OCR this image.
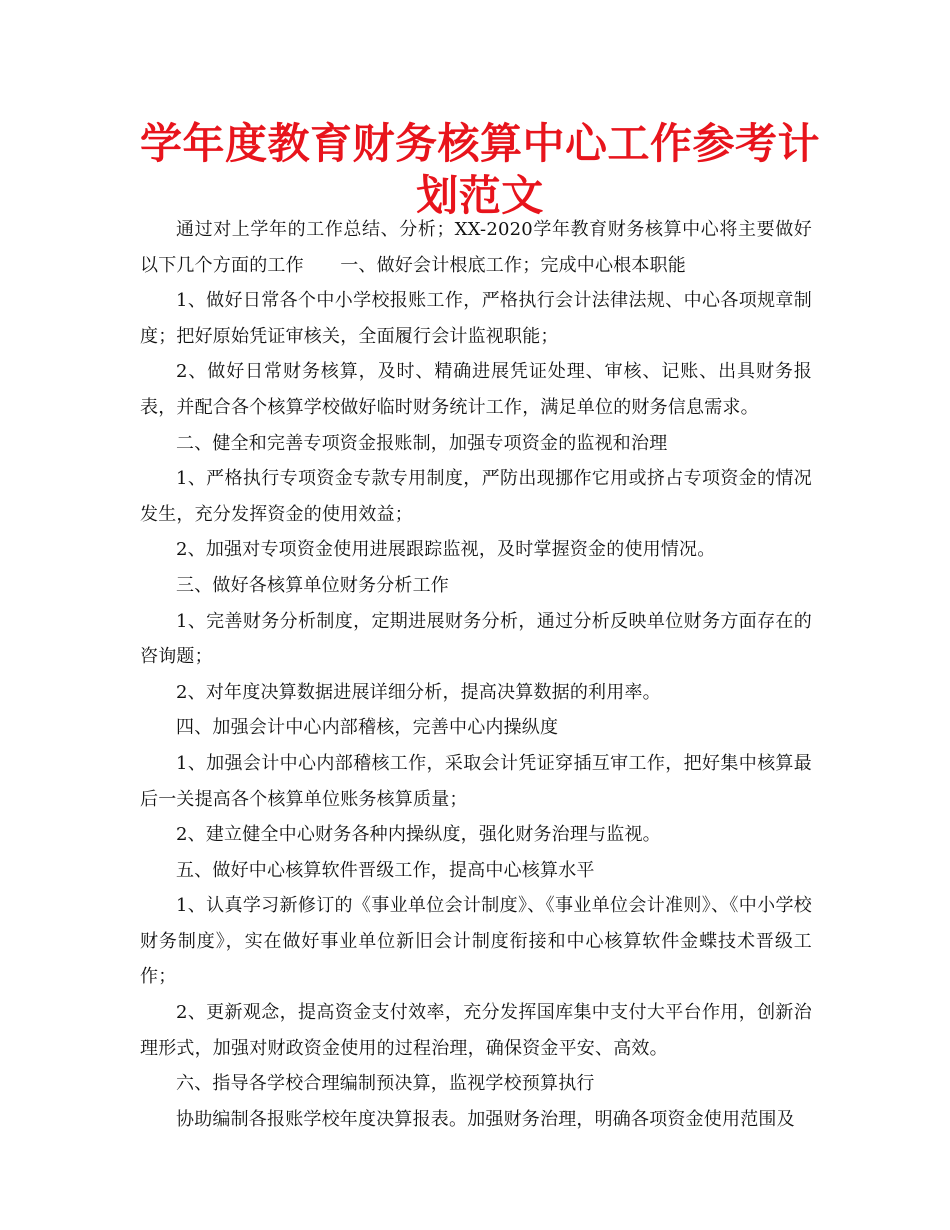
学年度教育财务核算中心工作参考计划范文

通过对上学年的工作总结、分析；XX-2020学年教育财务核算中心将主要做好以下几个方面的工作　　一、做好会计根底工作；完成中心根本职能

1、做好日常各个中小学校报账工作，严格执行会计法律法规、中心各项规章制度；把好原始凭证审核关，全面履行会计监视职能；

2、做好日常财务核算，及时、精确进展凭证处理、审核、记账、出具财务报表，并配合各个核算学校做好临时财务统计工作，满足单位的财务信息需求。

二、健全和完善专项资金报账制，加强专项资金的监视和治理

1、严格执行专项资金专款专用制度，严防出现挪作它用或挤占专项资金的情况发生，充分发挥资金的使用效益；

2、加强对专项资金使用进展跟踪监视，及时掌握资金的使用情况。

三、做好各核算单位财务分析工作

1、完善财务分析制度，定期进展财务分析，通过分析反映单位财务方面存在的咨询题；

2、对年度决算数据进展详细分析，提高决算数据的利用率。

四、加强会计中心内部稽核，完善中心内操纵度

1、加强会计中心内部稽核工作，采取会计凭证穿插互审工作，把好集中核算最后一关提高各个核算单位账务核算质量；

2、建立健全中心财务各种内操纵度，强化财务治理与监视。

五、做好中心核算软件晋级工作，提高中心核算水平

1、认真学习新修订的《事业单位会计制度》、《事业单位会计准则》、《中小学校财务制度》，实在做好事业单位新旧会计制度衔接和中心核算软件金蝶技术晋级工作；

2、更新观念，提高资金支付效率，充分发挥国库集中支付大平台作用，创新治理形式，加强对财政资金使用的过程治理，确保资金平安、高效。

六、指导各学校合理编制预决算，监视学校预算执行

协助编制各报账学校年度决算报表。加强财务治理，明确各项资金使用范围及
